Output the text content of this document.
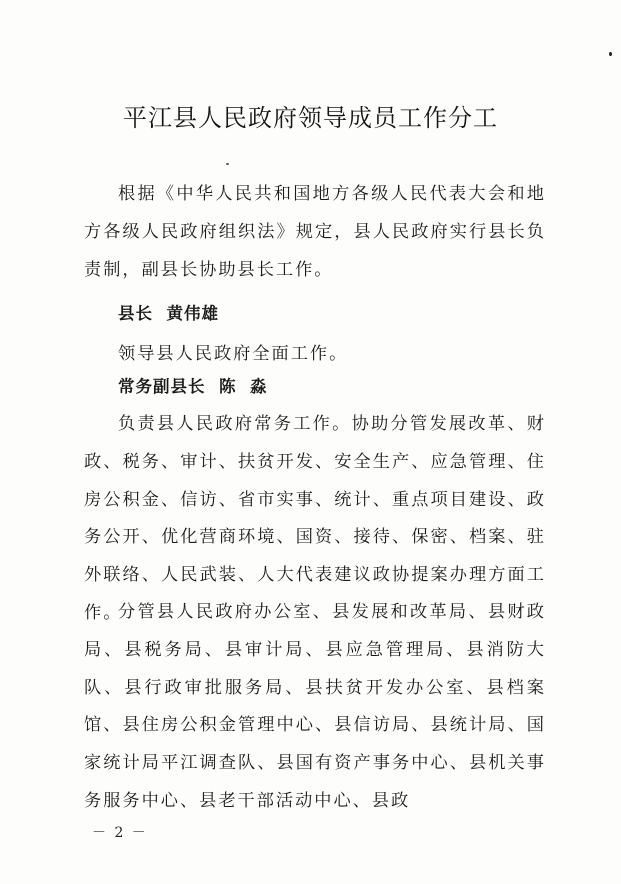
平江县人民政府领导成员工作分工

根据《中华人民共和国地方各级人民代表大会和地方各级人民政府组织法》规定，县人民政府实行县长负责制，副县长协助县长工作。

县长  黄伟雄

领导县人民政府全面工作。

常务副县长  陈  淼

负责县人民政府常务工作。协助分管发展改革、财政、税务、审计、扶贫开发、安全生产、应急管理、住房公积金、信访、省市实事、统计、重点项目建设、政务公开、优化营商环境、国资、接待、保密、档案、驻外联络、人民武装、人大代表建议政协提案办理方面工作。

分管县人民政府办公室、县发展和改革局、县财政局、县税务局、县审计局、县应急管理局、县消防大队、县行政审批服务局、县扶贫开发办公室、县档案馆、县住房公积金管理中心、县信访局、县统计局、国家统计局平江调查队、县国有资产事务中心、县机关事务服务中心、县老干部活动中心、县政

－ 2 －
